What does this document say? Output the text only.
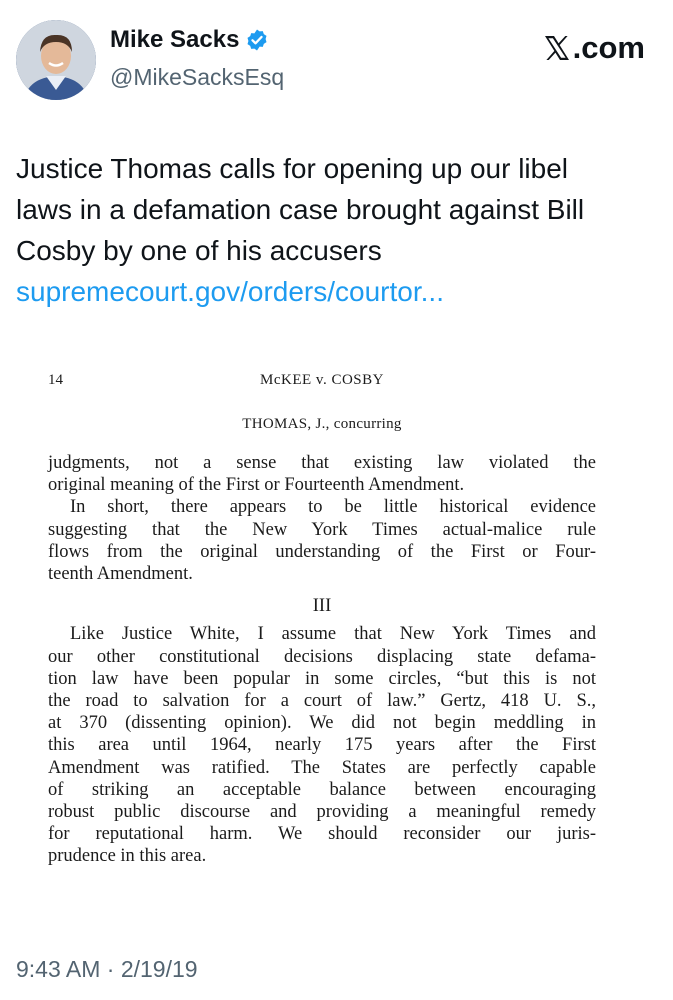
Mike Sacks
@MikeSacksEsq
.com
Justice Thomas calls for opening up our libel
laws in a defamation case brought against Bill
Cosby by one of his accusers
supremecourt.gov/orders/courtor...
14	McKEE v. COSBY
THOMAS, J., concurring
judgments, not a sense that existing law violated the
original meaning of the First or Fourteenth Amendment.
In short, there appears to be little historical evidence
suggesting that the New York Times actual-malice rule
flows from the original understanding of the First or Four-
teenth Amendment.
III
Like Justice White, I assume that New York Times and
our other constitutional decisions displacing state defama-
tion law have been popular in some circles, “but this is not
the road to salvation for a court of law.” Gertz, 418 U. S.,
at 370 (dissenting opinion). We did not begin meddling in
this area until 1964, nearly 175 years after the First
Amendment was ratified. The States are perfectly capable
of striking an acceptable balance between encouraging
robust public discourse and providing a meaningful remedy
for reputational harm. We should reconsider our juris-
prudence in this area.
9:43 AM · 2/19/19
